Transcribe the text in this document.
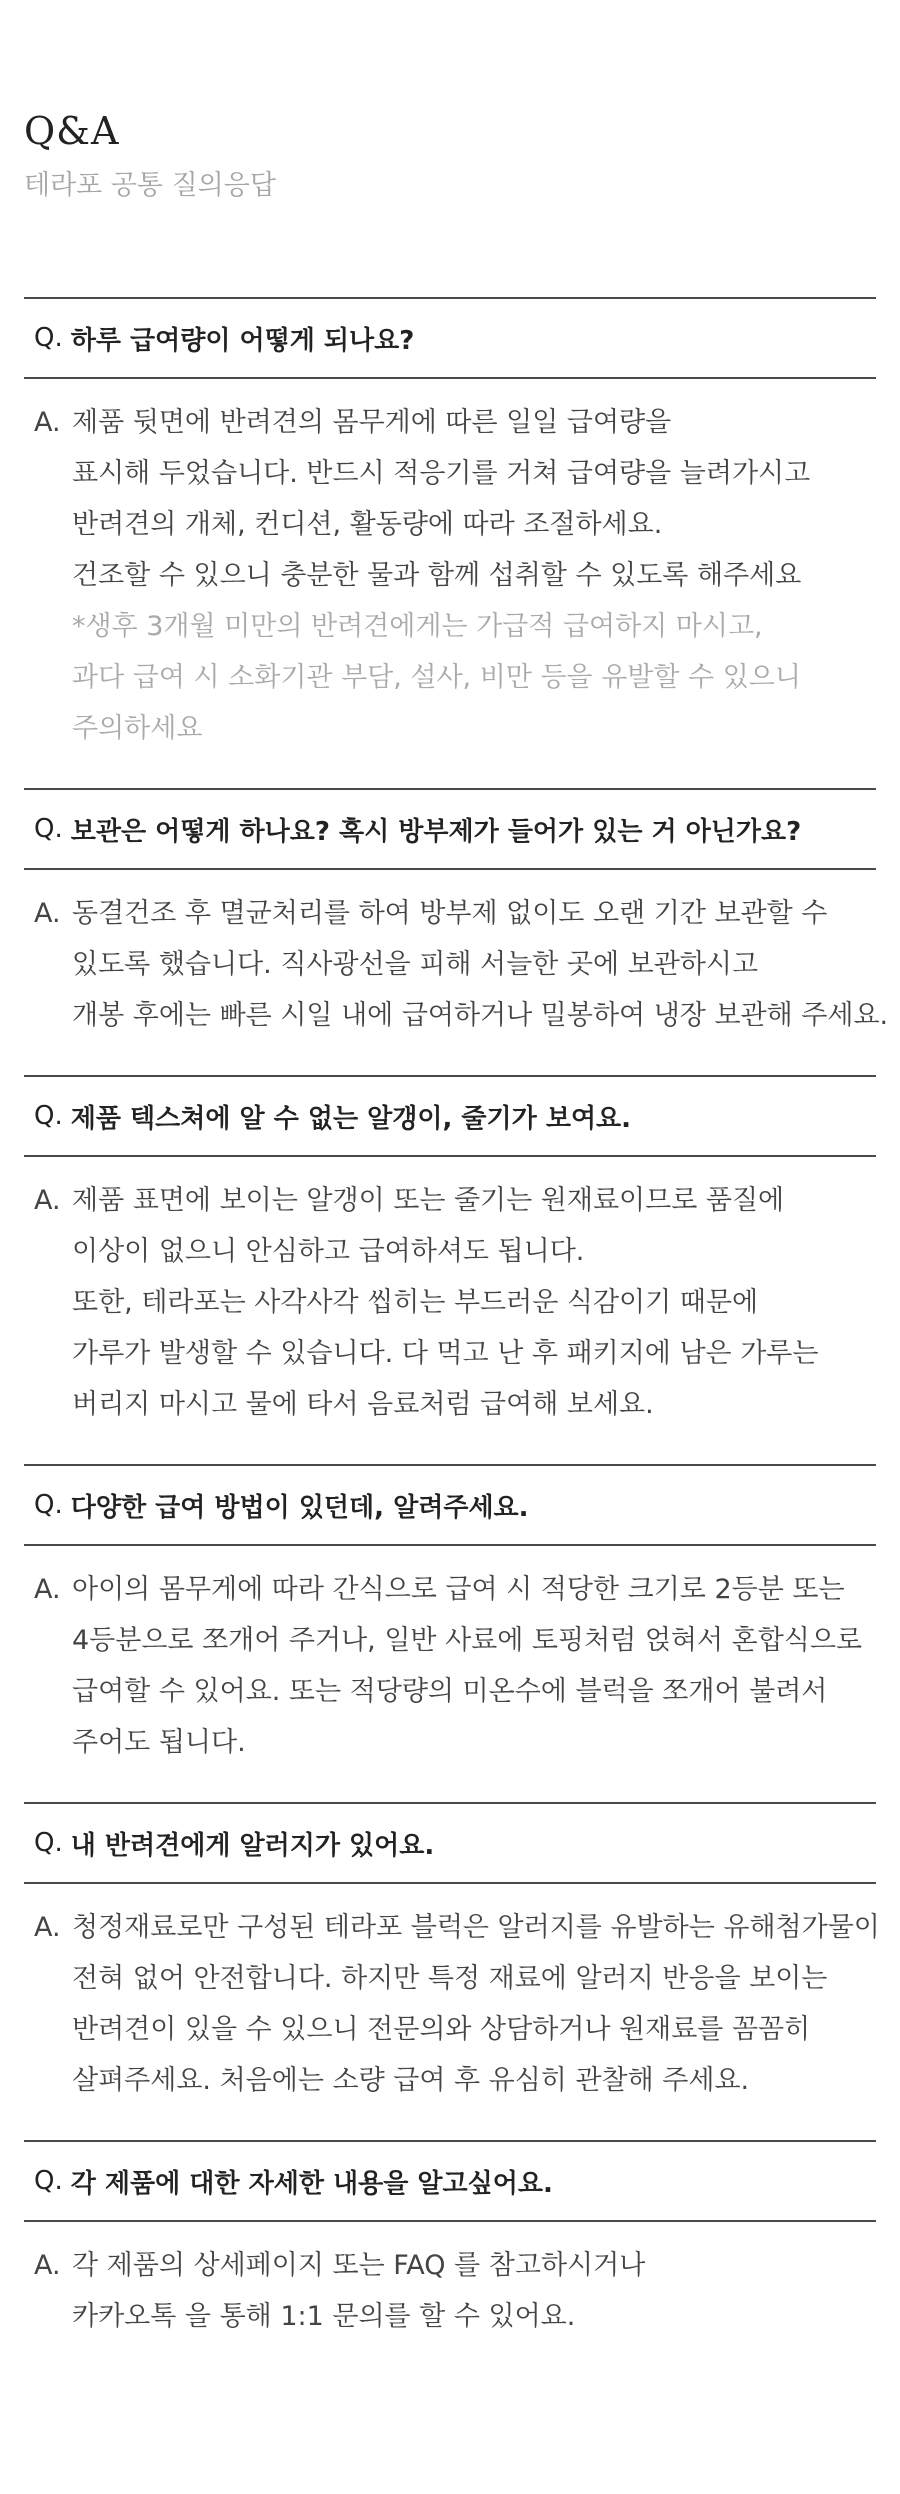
Q&A
테라포 공통 질의응답
Q. 하루 급여량이 어떻게 되나요?
A. 제품 뒷면에 반려견의 몸무게에 따른 일일 급여량을
표시해 두었습니다. 반드시 적응기를 거쳐 급여량을 늘려가시고
반려견의 개체, 컨디션, 활동량에 따라 조절하세요.
건조할 수 있으니 충분한 물과 함께 섭취할 수 있도록 해주세요
*생후 3개월 미만의 반려견에게는 가급적 급여하지 마시고,
과다 급여 시 소화기관 부담, 설사, 비만 등을 유발할 수 있으니
주의하세요
Q. 보관은 어떻게 하나요? 혹시 방부제가 들어가 있는 거 아닌가요?
A. 동결건조 후 멸균처리를 하여 방부제 없이도 오랜 기간 보관할 수
있도록 했습니다. 직사광선을 피해 서늘한 곳에 보관하시고
개봉 후에는 빠른 시일 내에 급여하거나 밀봉하여 냉장 보관해 주세요.
Q. 제품 텍스쳐에 알 수 없는 알갱이, 줄기가 보여요.
A. 제품 표면에 보이는 알갱이 또는 줄기는 원재료이므로 품질에
이상이 없으니 안심하고 급여하셔도 됩니다.
또한, 테라포는 사각사각 씹히는 부드러운 식감이기 때문에
가루가 발생할 수 있습니다. 다 먹고 난 후 패키지에 남은 가루는
버리지 마시고 물에 타서 음료처럼 급여해 보세요.
Q. 다양한 급여 방법이 있던데, 알려주세요.
A. 아이의 몸무게에 따라 간식으로 급여 시 적당한 크기로 2등분 또는
4등분으로 쪼개어 주거나, 일반 사료에 토핑처럼 얹혀서 혼합식으로
급여할 수 있어요. 또는 적당량의 미온수에 블럭을 쪼개어 불려서
주어도 됩니다.
Q. 내 반려견에게 알러지가 있어요.
A. 청정재료로만 구성된 테라포 블럭은 알러지를 유발하는 유해첨가물이
전혀 없어 안전합니다. 하지만 특정 재료에 알러지 반응을 보이는
반려견이 있을 수 있으니 전문의와 상담하거나 원재료를 꼼꼼히
살펴주세요. 처음에는 소량 급여 후 유심히 관찰해 주세요.
Q. 각 제품에 대한 자세한 내용을 알고싶어요.
A. 각 제품의 상세페이지 또는 FAQ 를 참고하시거나
카카오톡 을 통해 1:1 문의를 할 수 있어요.
